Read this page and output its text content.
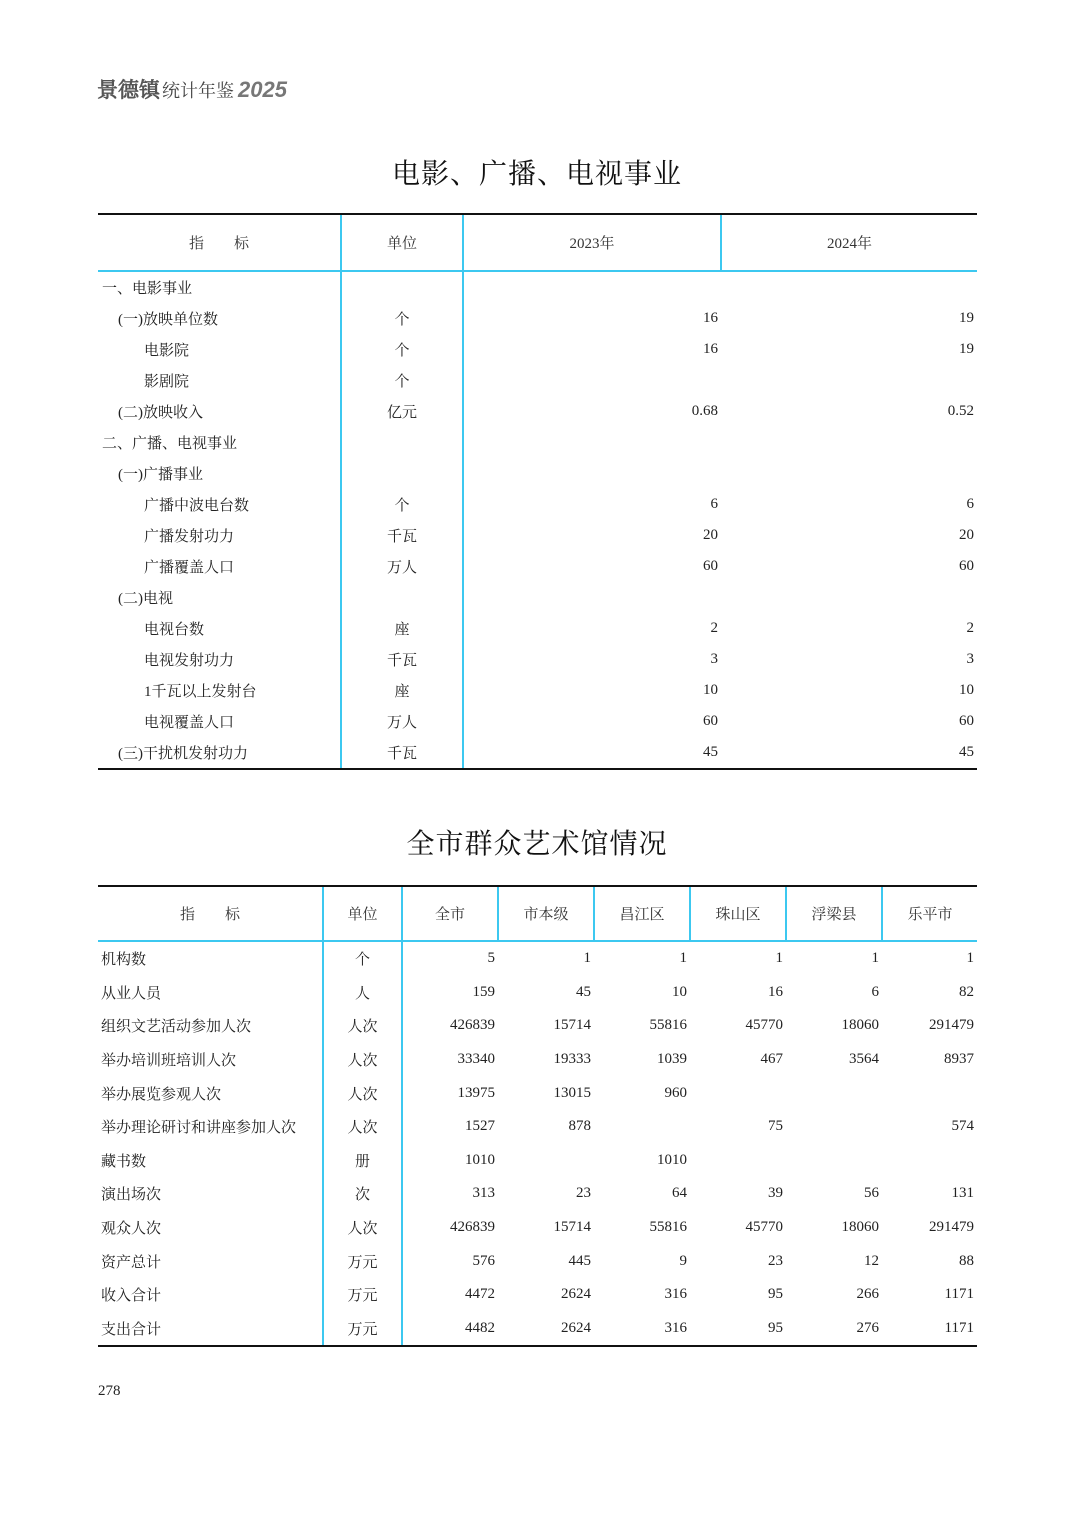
景德镇 统计年鉴 2025
电影、广播、电视事业
指　　标	单位	2023年	2024年
一、电影事业			
(一)放映单位数	个	16	19
电影院	个	16	19
影剧院	个		
(二)放映收入	亿元	0.68	0.52
二、广播、电视事业			
(一)广播事业			
广播中波电台数	个	6	6
广播发射功力	千瓦	20	20
广播覆盖人口	万人	60	60
(二)电视			
电视台数	座	2	2
电视发射功力	千瓦	3	3
1千瓦以上发射台	座	10	10
电视覆盖人口	万人	60	60
(三)干扰机发射功力	千瓦	45	45
全市群众艺术馆情况
指　　标	单位	全市	市本级	昌江区	珠山区	浮梁县	乐平市
机构数	个	5	1	1	1	1	1
从业人员	人	159	45	10	16	6	82
组织文艺活动参加人次	人次	426839	15714	55816	45770	18060	291479
举办培训班培训人次	人次	33340	19333	1039	467	3564	8937
举办展览参观人次	人次	13975	13015	960			
举办理论研讨和讲座参加人次	人次	1527	878		75		574
藏书数	册	1010		1010			
演出场次	次	313	23	64	39	56	131
观众人次	人次	426839	15714	55816	45770	18060	291479
资产总计	万元	576	445	9	23	12	88
收入合计	万元	4472	2624	316	95	266	1171
支出合计	万元	4482	2624	316	95	276	1171
278
